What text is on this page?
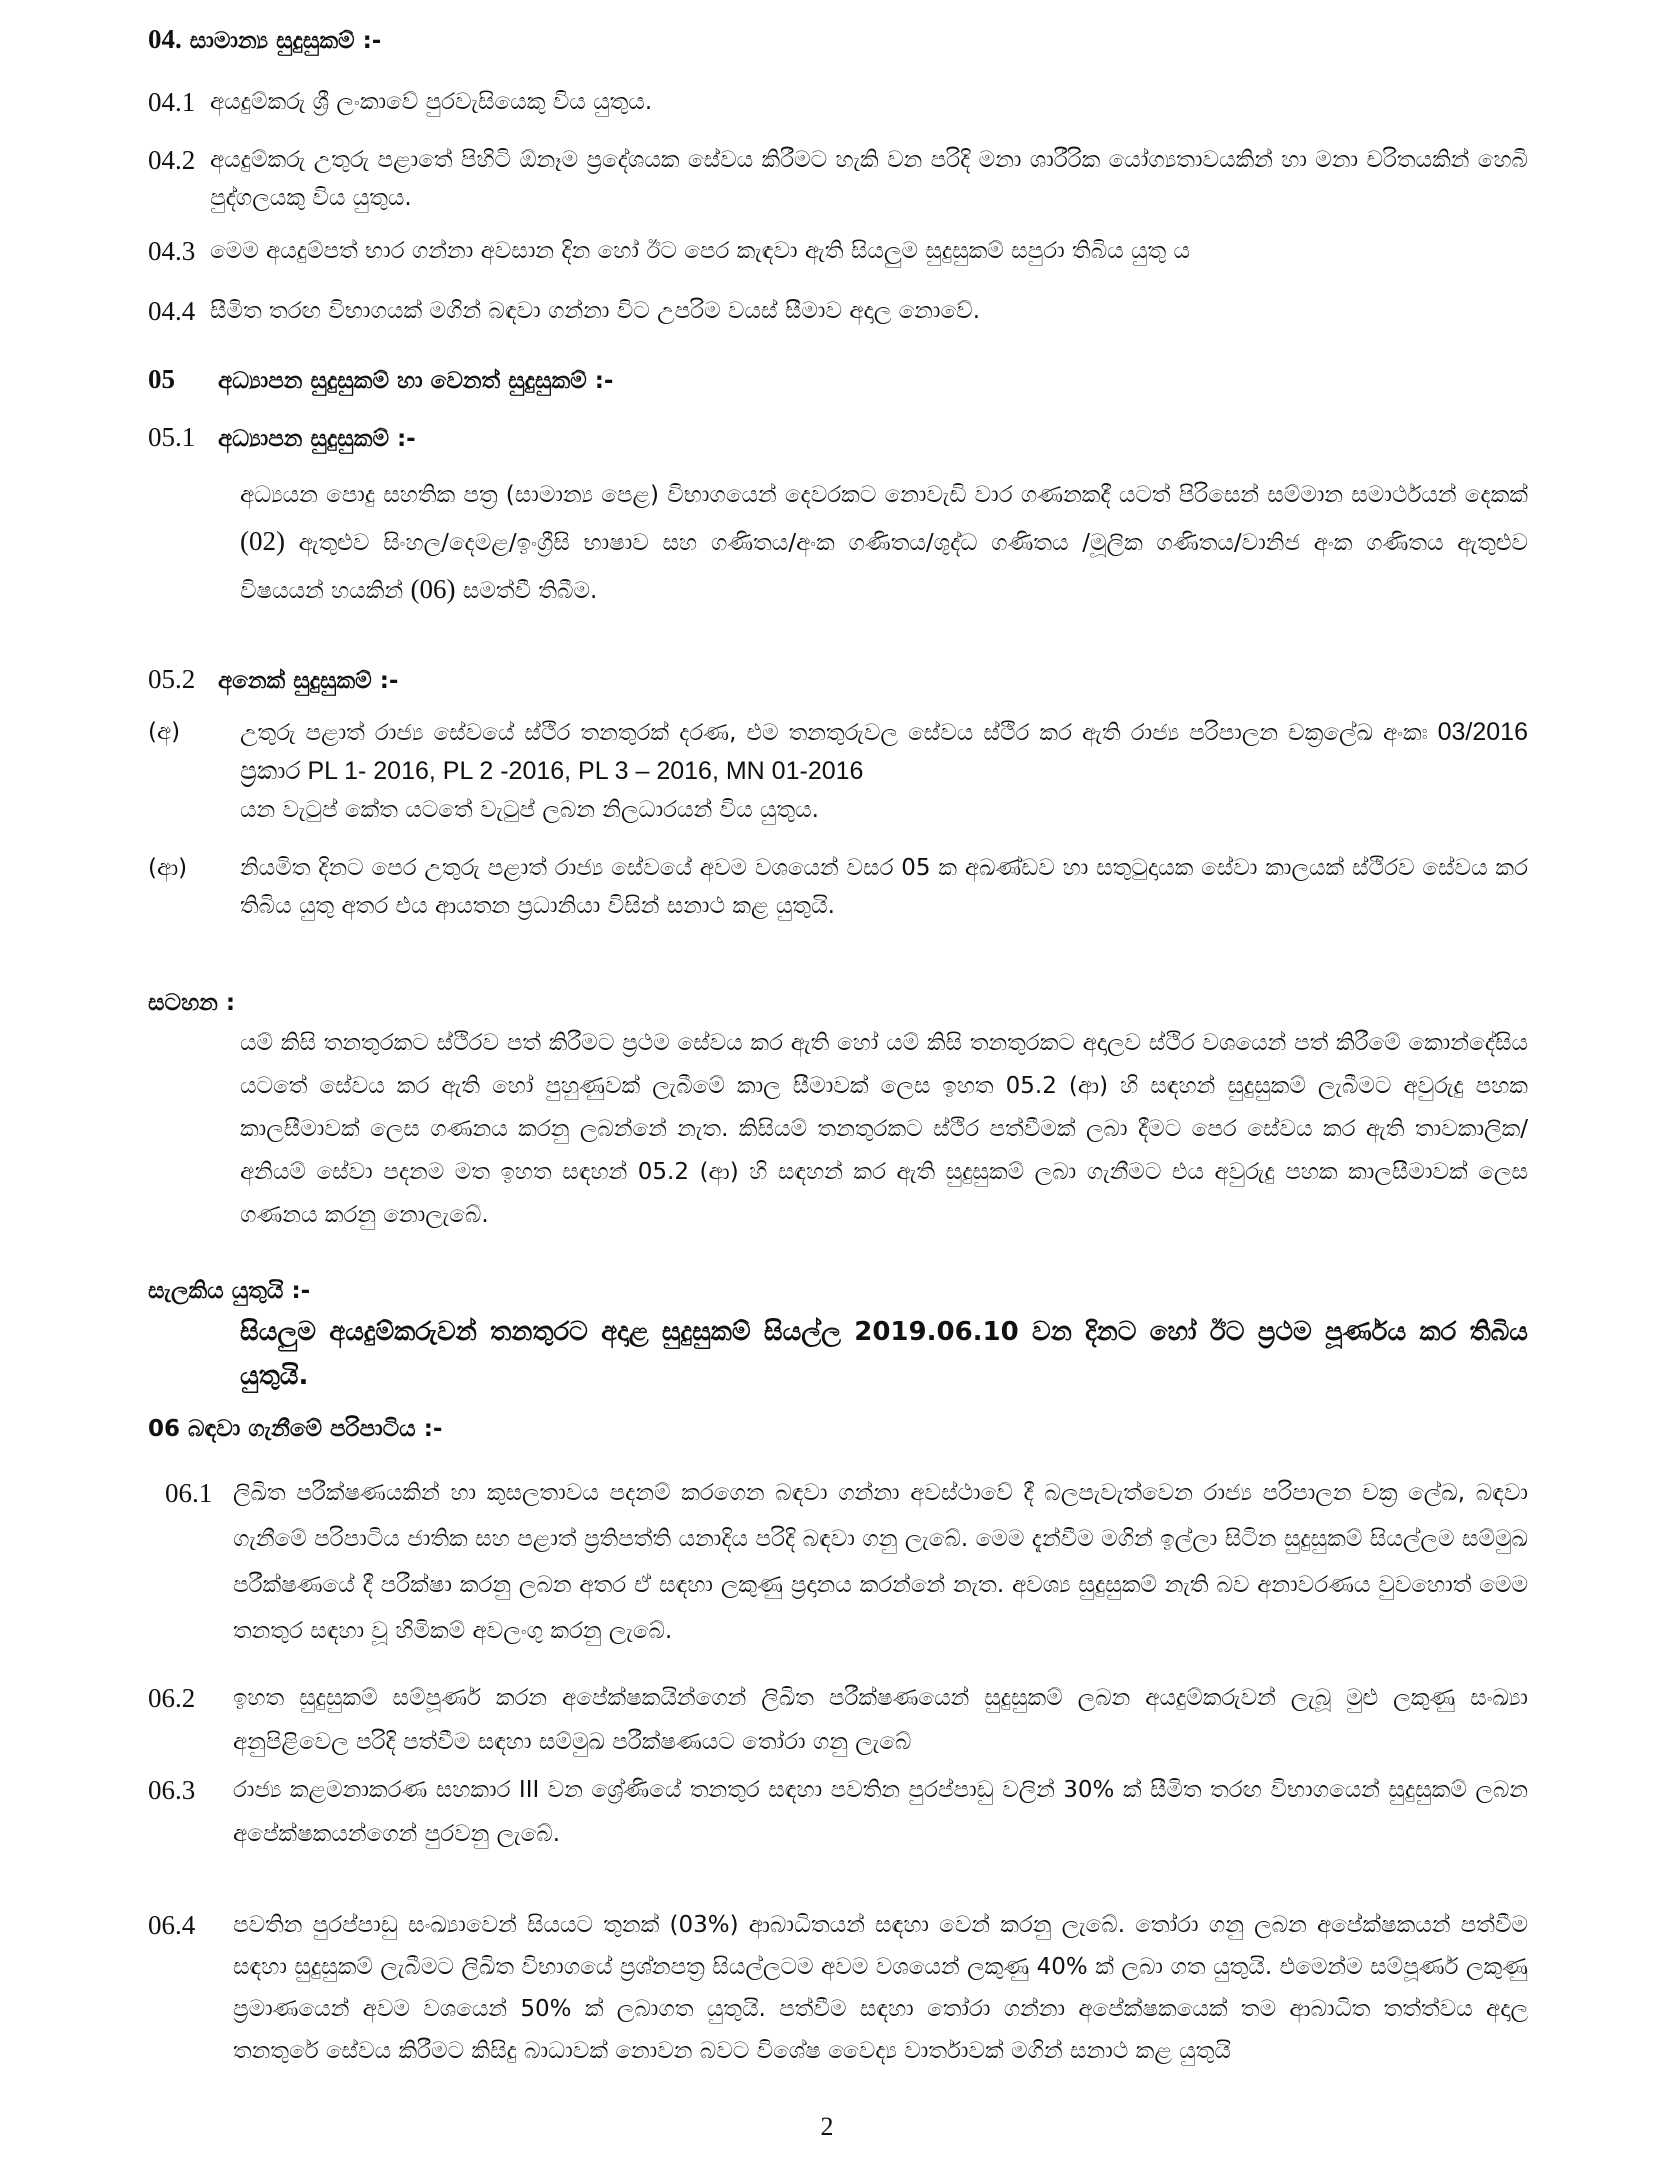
04. සාමාන්‍ය සුදුසුකම් :-
04.1 අයදුම්කරු ශ්‍රී ලංකාවේ පුරවැසියෙකු විය යුතුය.
04.2 අයදුම්කරු උතුරු පළාතේ පිහිටි ඕනෑම ප්‍රදේශයක සේවය කිරීමට හැකි වන පරිදි මනා ශාරීරික යෝග්‍යතාවයකින් හා මනා චරිතයකින් හෙබි පුද්ගලයකු විය යුතුය.
04.3 මෙම අයදුම්පත් භාර ගන්නා අවසාන දින හෝ ඊට පෙර කැඳවා ඇති සියලුම සුදුසුකම් සපුරා තිබිය යුතු ය
04.4 සීමිත තරඟ විභාගයක් මගින් බඳවා ගන්නා විට උපරිම වයස් සීමාව අදාල නොවේ.
05 අධ්‍යාපන සුදුසුකම් හා වෙනත් සුදුසුකම් :-
05.1 අධ්‍යාපන සුදුසුකම් :-
අධ්‍යයන පොදු සහතික පත්‍ර (සාමාන්‍ය පෙළ) විභාගයෙන් දෙවරකට නොවැඩි වාර ගණනකදී යටත් පිරිසෙන් සම්මාන සමාර්ථයන් දෙකක් (02) ඇතුළුව සිංහල/දෙමළ/ඉංග්‍රීසි භාෂාව සහ ගණිතය/අංක ගණිතය/ශුද්ධ ගණිතය /මූලික ගණිතය/වානිජ අංක ගණිතය ඇතුළුව විෂයයන් හයකින් (06) සමත්වී තිබීම.
05.2 අනෙක් සුදුසුකම් :-
(අ)	උතුරු පළාත් රාජ්‍ය සේවයේ ස්ථිර තනතුරක් දරණ, එම තනතුරුවල සේවය ස්ථිර කර ඇති රාජ්‍ය පරිපාලන චක්‍රලේඛ අංකඃ 03/2016 ප්‍රකාර PL 1- 2016, PL 2 -2016, PL 3 – 2016, MN 01-2016
යන වැටුප් කේත යටතේ වැටුප් ලබන නිලධාරයන් විය යුතුය.
(ආ)	නියමිත දිනට පෙර උතුරු පළාත් රාජ්‍ය සේවයේ අවම වශයෙන් වසර 05 ක අඛණ්ඩව හා සතුටුදායක සේවා කාලයක් ස්ථිරව සේවය කර තිබිය යුතු අතර එය ආයතන ප්‍රධානියා විසින් සනාථ කළ යුතුයි.
සටහන :
යම් කිසි තනතුරකට ස්ථිරව පත් කිරීමට ප්‍රථම සේවය කර ඇති හෝ යම් කිසි තනතුරකට අදාලව ස්ථිර වශයෙන් පත් කිරීමේ කොන්දේසිය යටතේ සේවය කර ඇති හෝ පුහුණුවක් ලැබීමේ කාල සීමාවක් ලෙස ඉහත 05.2 (ආ) හි සඳහන් සුදුසුකම් ලැබීමට අවුරුදු පහක කාලසීමාවක් ලෙස ගණනය කරනු ලබන්නේ නැත. කිසියම් තනතුරකට ස්ථිර පත්වීමක් ලබා දීමට පෙර සේවය කර ඇති තාවකාලික/අනියම් සේවා පදනම මත ඉහත සඳහන් 05.2 (ආ) හි සඳහන් කර ඇති සුදුසුකම් ලබා ගැනීමට එය අවුරුදු පහක කාලසීමාවක් ලෙස ගණනය කරනු නොලැබේ.
සැලකිය යුතුයි :-
සියලුම අයදුම්කරුවන් තනතුරට අදාළ සුදුසුකම් සියල්ල 2019.06.10 වන දිනට හෝ ඊට ප්‍රථම පූර්ණය කර තිබිය යුතුයි.
06 බඳවා ගැනීමේ පරිපාටිය :-
06.1 ලිඛිත පරීක්ෂණයකින් හා කුසලතාවය පදනම් කරගෙන බඳවා ගන්නා අවස්ථාවේ දී බලපැවැත්වෙන රාජ්‍ය පරිපාලන චක්‍ර ලේඛ, බඳවා ගැනීමේ පරිපාටිය ජාතික සහ පළාත් ප්‍රතිපත්ති යනාදිය පරිදි බඳවා ගනු ලැබේ. මෙම දැන්වීම මගින් ඉල්ලා සිටින සුදුසුකම් සියල්ලම සම්මුඛ පරීක්ෂණයේ දී පරීක්ෂා කරනු ලබන අතර ඒ සඳහා ලකුණු ප්‍රදානය කරන්නේ නැත. අවශ්‍ය සුදුසුකම් නැති බව අනාවරණය වුවහොත් මෙම තනතුර සඳහා වූ හිමිකම් අවලංගු කරනු ලැබේ.
06.2	ඉහත සුදුසුකම් සම්පූර්ණ කරන අපේක්ෂකයින්ගෙන් ලිඛිත පරීක්ෂණයෙන් සුදුසුකම් ලබන අයදුම්කරුවන් ලැබූ මුළු ලකුණු සංඛ්‍යා අනුපිළිවෙල පරිදි පත්වීම සඳහා සම්මුඛ පරීක්ෂණයට තෝරා ගනු ලැබේ
06.3	රාජ්‍ය කළමනාකරණ සහකාර III වන ශ්‍රේණියේ තනතුර සඳහා පවතින පුරප්පාඩු වලින් 30% ක් සීමිත තරඟ විභාගයෙන් සුදුසුකම් ලබන අපේක්ෂකයන්ගෙන් පුරවනු ලැබේ.
06.4	පවතින පුරප්පාඩු සංඛ්‍යාවෙන් සියයට තුනක් (03%) ආබාධිතයන් සඳහා වෙන් කරනු ලැබේ. තෝරා ගනු ලබන අපේක්ෂකයන් පත්වීම සඳහා සුදුසුකම් ලැබීමට ලිඛිත විභාගයේ ප්‍රශ්නපත්‍ර සියල්ලටම අවම වශයෙන් ලකුණු 40% ක් ලබා ගත යුතුයි. එමෙන්ම සම්පූර්ණ ලකුණු ප්‍රමාණයෙන් අවම වශයෙන් 50% ක් ලබාගත යුතුයි. පත්වීම සඳහා තෝරා ගන්නා අපේක්ෂකයෙක් තම ආබාධිත තත්ත්වය අදාල තනතුරේ සේවය කිරීමට කිසිදු බාධාවක් නොවන බවට විශේෂ වෛද්‍ය වාර්තාවක් මගින් සනාථ කළ යුතුයි
2
